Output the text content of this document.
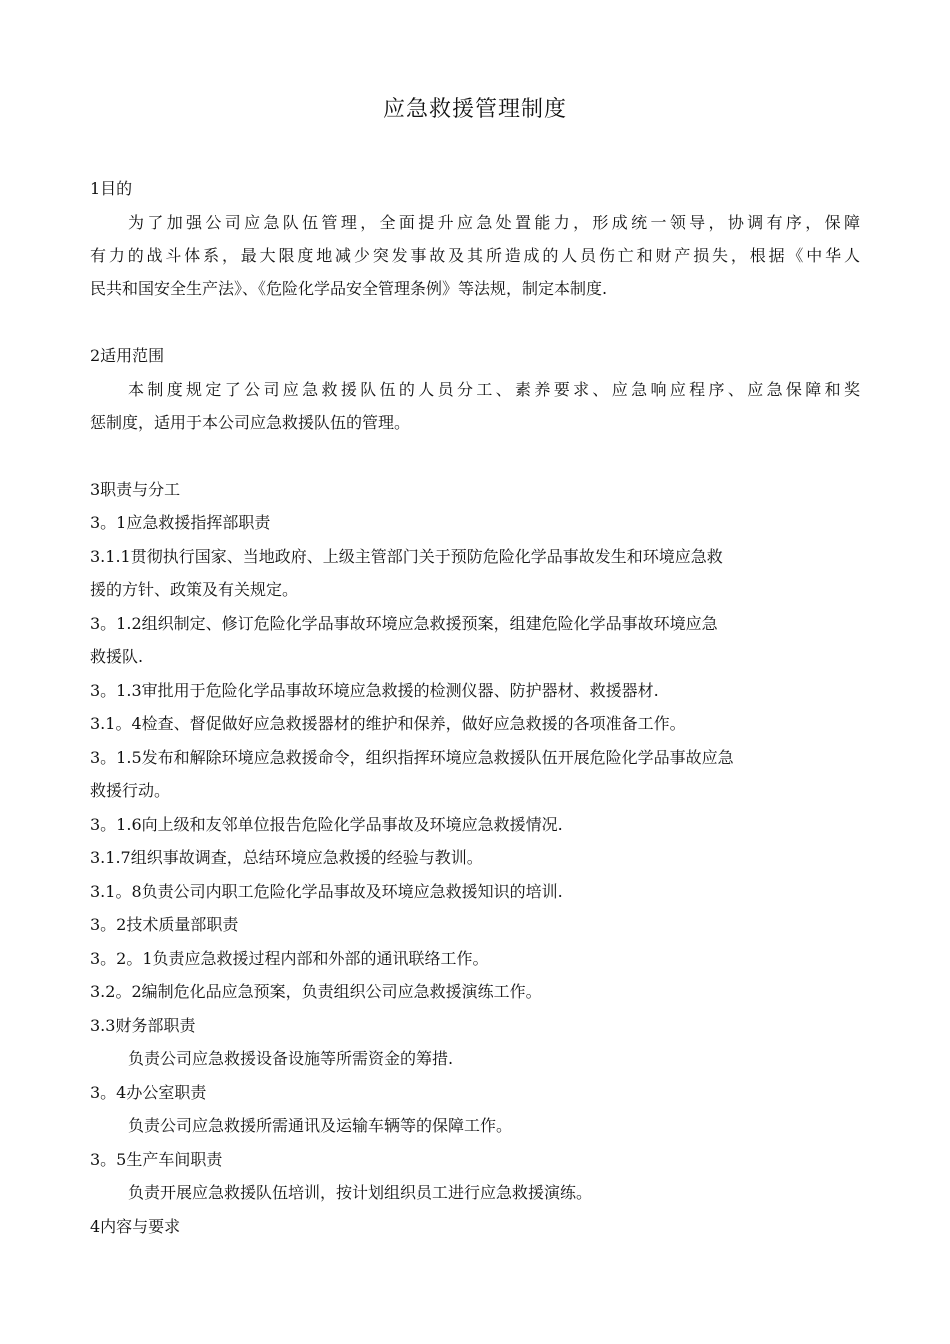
应急救援管理制度
1目的
为了加强公司应急队伍管理，全面提升应急处置能力，形成统一领导，协调有序，保障
有力的战斗体系，最大限度地减少突发事故及其所造成的人员伤亡和财产损失，根据《中华人
民共和国安全生产法》、《危险化学品安全管理条例》等法规，制定本制度.
2适用范围
本制度规定了公司应急救援队伍的人员分工、素养要求、应急响应程序、应急保障和奖
惩制度，适用于本公司应急救援队伍的管理。
3职责与分工
3。1应急救援指挥部职责
3.1.1贯彻执行国家、当地政府、上级主管部门关于预防危险化学品事故发生和环境应急救
援的方针、政策及有关规定。
3。1.2组织制定、修订危险化学品事故环境应急救援预案，组建危险化学品事故环境应急
救援队.
3。1.3审批用于危险化学品事故环境应急救援的检测仪器、防护器材、救援器材.
3.1。4检查、督促做好应急救援器材的维护和保养，做好应急救援的各项准备工作。
3。1.5发布和解除环境应急救援命令，组织指挥环境应急救援队伍开展危险化学品事故应急
救援行动。
3。1.6向上级和友邻单位报告危险化学品事故及环境应急救援情况.
3.1.7组织事故调查，总结环境应急救援的经验与教训。
3.1。8负责公司内职工危险化学品事故及环境应急救援知识的培训.
3。2技术质量部职责
3。2。1负责应急救援过程内部和外部的通讯联络工作。
3.2。2编制危化品应急预案，负责组织公司应急救援演练工作。
3.3财务部职责
负责公司应急救援设备设施等所需资金的筹措.
3。4办公室职责
负责公司应急救援所需通讯及运输车辆等的保障工作。
3。5生产车间职责
负责开展应急救援队伍培训，按计划组织员工进行应急救援演练。
4内容与要求
